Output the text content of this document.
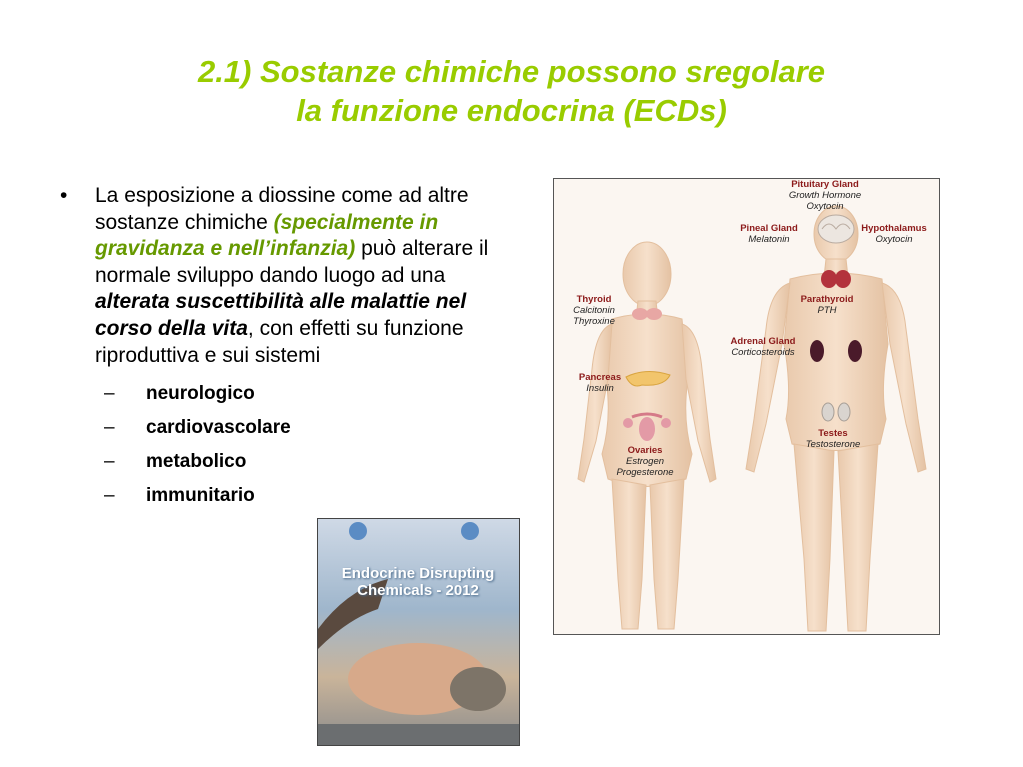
2.1) Sostanze chimiche possono sregolare
la funzione endocrina (ECDs)
•	La esposizione a diossine come ad altre sostanze chimiche (specialmente in gravidanza e nell’infanzia) può alterare il normale sviluppo dando luogo ad una alterata suscettibilità alle malattie nel corso della vita, con effetti su funzione riproduttiva e sui sistemi
–	neurologico
–	cardiovascolare
–	metabolico
–	immunitario
Pituitary Gland
Growth Hormone
Oxytocin
Pineal Gland
Melatonin
Hypothalamus
Oxytocin
Thyroid
Calcitonin
Thyroxine
Parathyroid
PTH
Adrenal Gland
Corticosteroids
Pancreas
Insulin
Testes
Testosterone
Ovaries
Estrogen
Progesterone
Endocrine Disrupting Chemicals - 2012
